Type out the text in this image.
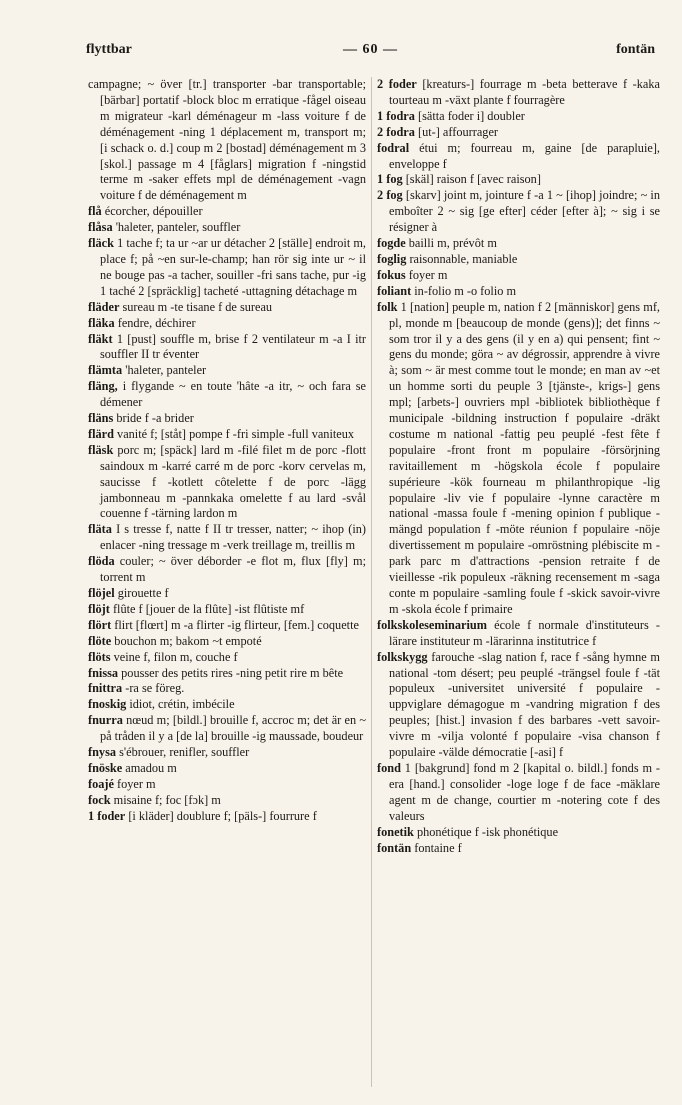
flyttbar	— 60 —	fontän

campagne; ~ över [tr.] transporter -bar transportable; [bärbar] portatif -block bloc m erratique -fågel oiseau m migrateur -karl déménageur m -lass voiture f de déménagement -ning 1 déplacement m, transport m; [i schack o. d.] coup m 2 [bostad] déménagement m 3 [skol.] passage m 4 [fåglars] migration f -ningstid terme m -saker effets mpl de déménagement -vagn voiture f de déménagement m

flå écorcher, dépouiller

flåsa 'haleter, panteler, souffler

fläck 1 tache f; ta ur ~ar ur détacher 2 [ställe] endroit m, place f; på ~en sur-le-champ; han rör sig inte ur ~ il ne bouge pas -a tacher, souiller -fri sans tache, pur -ig 1 taché 2 [spräcklig] tacheté -uttagning détachage m

fläder sureau m -te tisane f de sureau

fläka fendre, déchirer

fläkt 1 [pust] souffle m, brise f 2 ventilateur m -a I itr souffler II tr éventer

flämta 'haleter, panteler

fläng, i flygande ~ en toute 'hâte -a itr, ~ och fara se démener

fläns bride f -a brider

flärd vanité f; [ståt] pompe f -fri simple -full vaniteux

fläsk porc m; [späck] lard m -filé filet m de porc -flott saindoux m -karré carré m de porc -korv cervelas m, saucisse f -kotlett côtelette f de porc -lägg jambonneau m -pannkaka omelette f au lard -svål couenne f -tärning lardon m

fläta I s tresse f, natte f II tr tresser, natter; ~ ihop (in) enlacer -ning tressage m -verk treillage m, treillis m

flöda couler; ~ över déborder -e flot m, flux [fly] m; torrent m

flöjel girouette f

flöjt flûte f [jouer de la flûte] -ist flûtiste mf

flört flirt [flœrt] m -a flirter -ig flirteur, [fem.] coquette

flöte bouchon m; bakom ~t empoté

flöts veine f, filon m, couche f

fnissa pousser des petits rires -ning petit rire m bête

fnittra -ra se föreg.

fnoskig idiot, crétin, imbécile

fnurra nœud m; [bildl.] brouille f, accroc m; det är en ~ på tråden il y a [de la] brouille -ig maussade, boudeur

fnysa s'ébrouer, renifler, souffler

fnöske amadou m

foajé foyer m

fock misaine f; foc [fɔk] m

1 foder [i kläder] doublure f; [päls-] fourrure f

2 foder [kreaturs-] fourrage m -beta betterave f -kaka tourteau m -växt plante f fourragère

1 fodra [sätta foder i] doubler

2 fodra [ut-] affourrager

fodral étui m; fourreau m, gaine [de parapluie], enveloppe f

1 fog [skäl] raison f [avec raison]

2 fog [skarv] joint m, jointure f -a 1 ~ [ihop] joindre; ~ in emboîter 2 ~ sig [ge efter] céder [efter à]; ~ sig i se résigner à

fogde bailli m, prévôt m

foglig raisonnable, maniable

fokus foyer m

foliant in-folio m -o folio m

folk 1 [nation] peuple m, nation f 2 [människor] gens mf, pl, monde m [beaucoup de monde (gens)]; det finns ~ som tror il y a des gens (il y en a) qui pensent; fint ~ gens du monde; göra ~ av dégrossir, apprendre à vivre à; som ~ är mest comme tout le monde; en man av ~et un homme sorti du peuple 3 [tjänste-, krigs-] gens mpl; [arbets-] ouvriers mpl -bibliotek bibliothèque f municipale -bildning instruction f populaire -dräkt costume m national -fattig peu peuplé -fest fête f populaire -front front m populaire -försörjning ravitaillement m -högskola école f populaire supérieure -kök fourneau m philanthropique -lig populaire -liv vie f populaire -lynne caractère m national -massa foule f -mening opinion f publique -mängd population f -möte réunion f populaire -nöje divertissement m populaire -omröstning plébiscite m -park parc m d'attractions -pension retraite f de vieillesse -rik populeux -räkning recensement m -saga conte m populaire -samling foule f -skick savoir-vivre m -skola école f primaire

folkskoleseminarium école f normale d'instituteurs -lärare instituteur m -lärarinna institutrice f

folkskygg farouche -slag nation f, race f -sång hymne m national -tom désert; peu peuplé -trängsel foule f -tät populeux -universitet université f populaire -uppviglare démagogue m -vandring migration f des peuples; [hist.] invasion f des barbares -vett savoir-vivre m -vilja volonté f populaire -visa chanson f populaire -välde démocratie [-asi] f

fond 1 [bakgrund] fond m 2 [kapital o. bildl.] fonds m -era [hand.] consolider -loge loge f de face -mäklare agent m de change, courtier m -notering cote f des valeurs

fonetik phonétique f -isk phonétique

fontän fontaine f
